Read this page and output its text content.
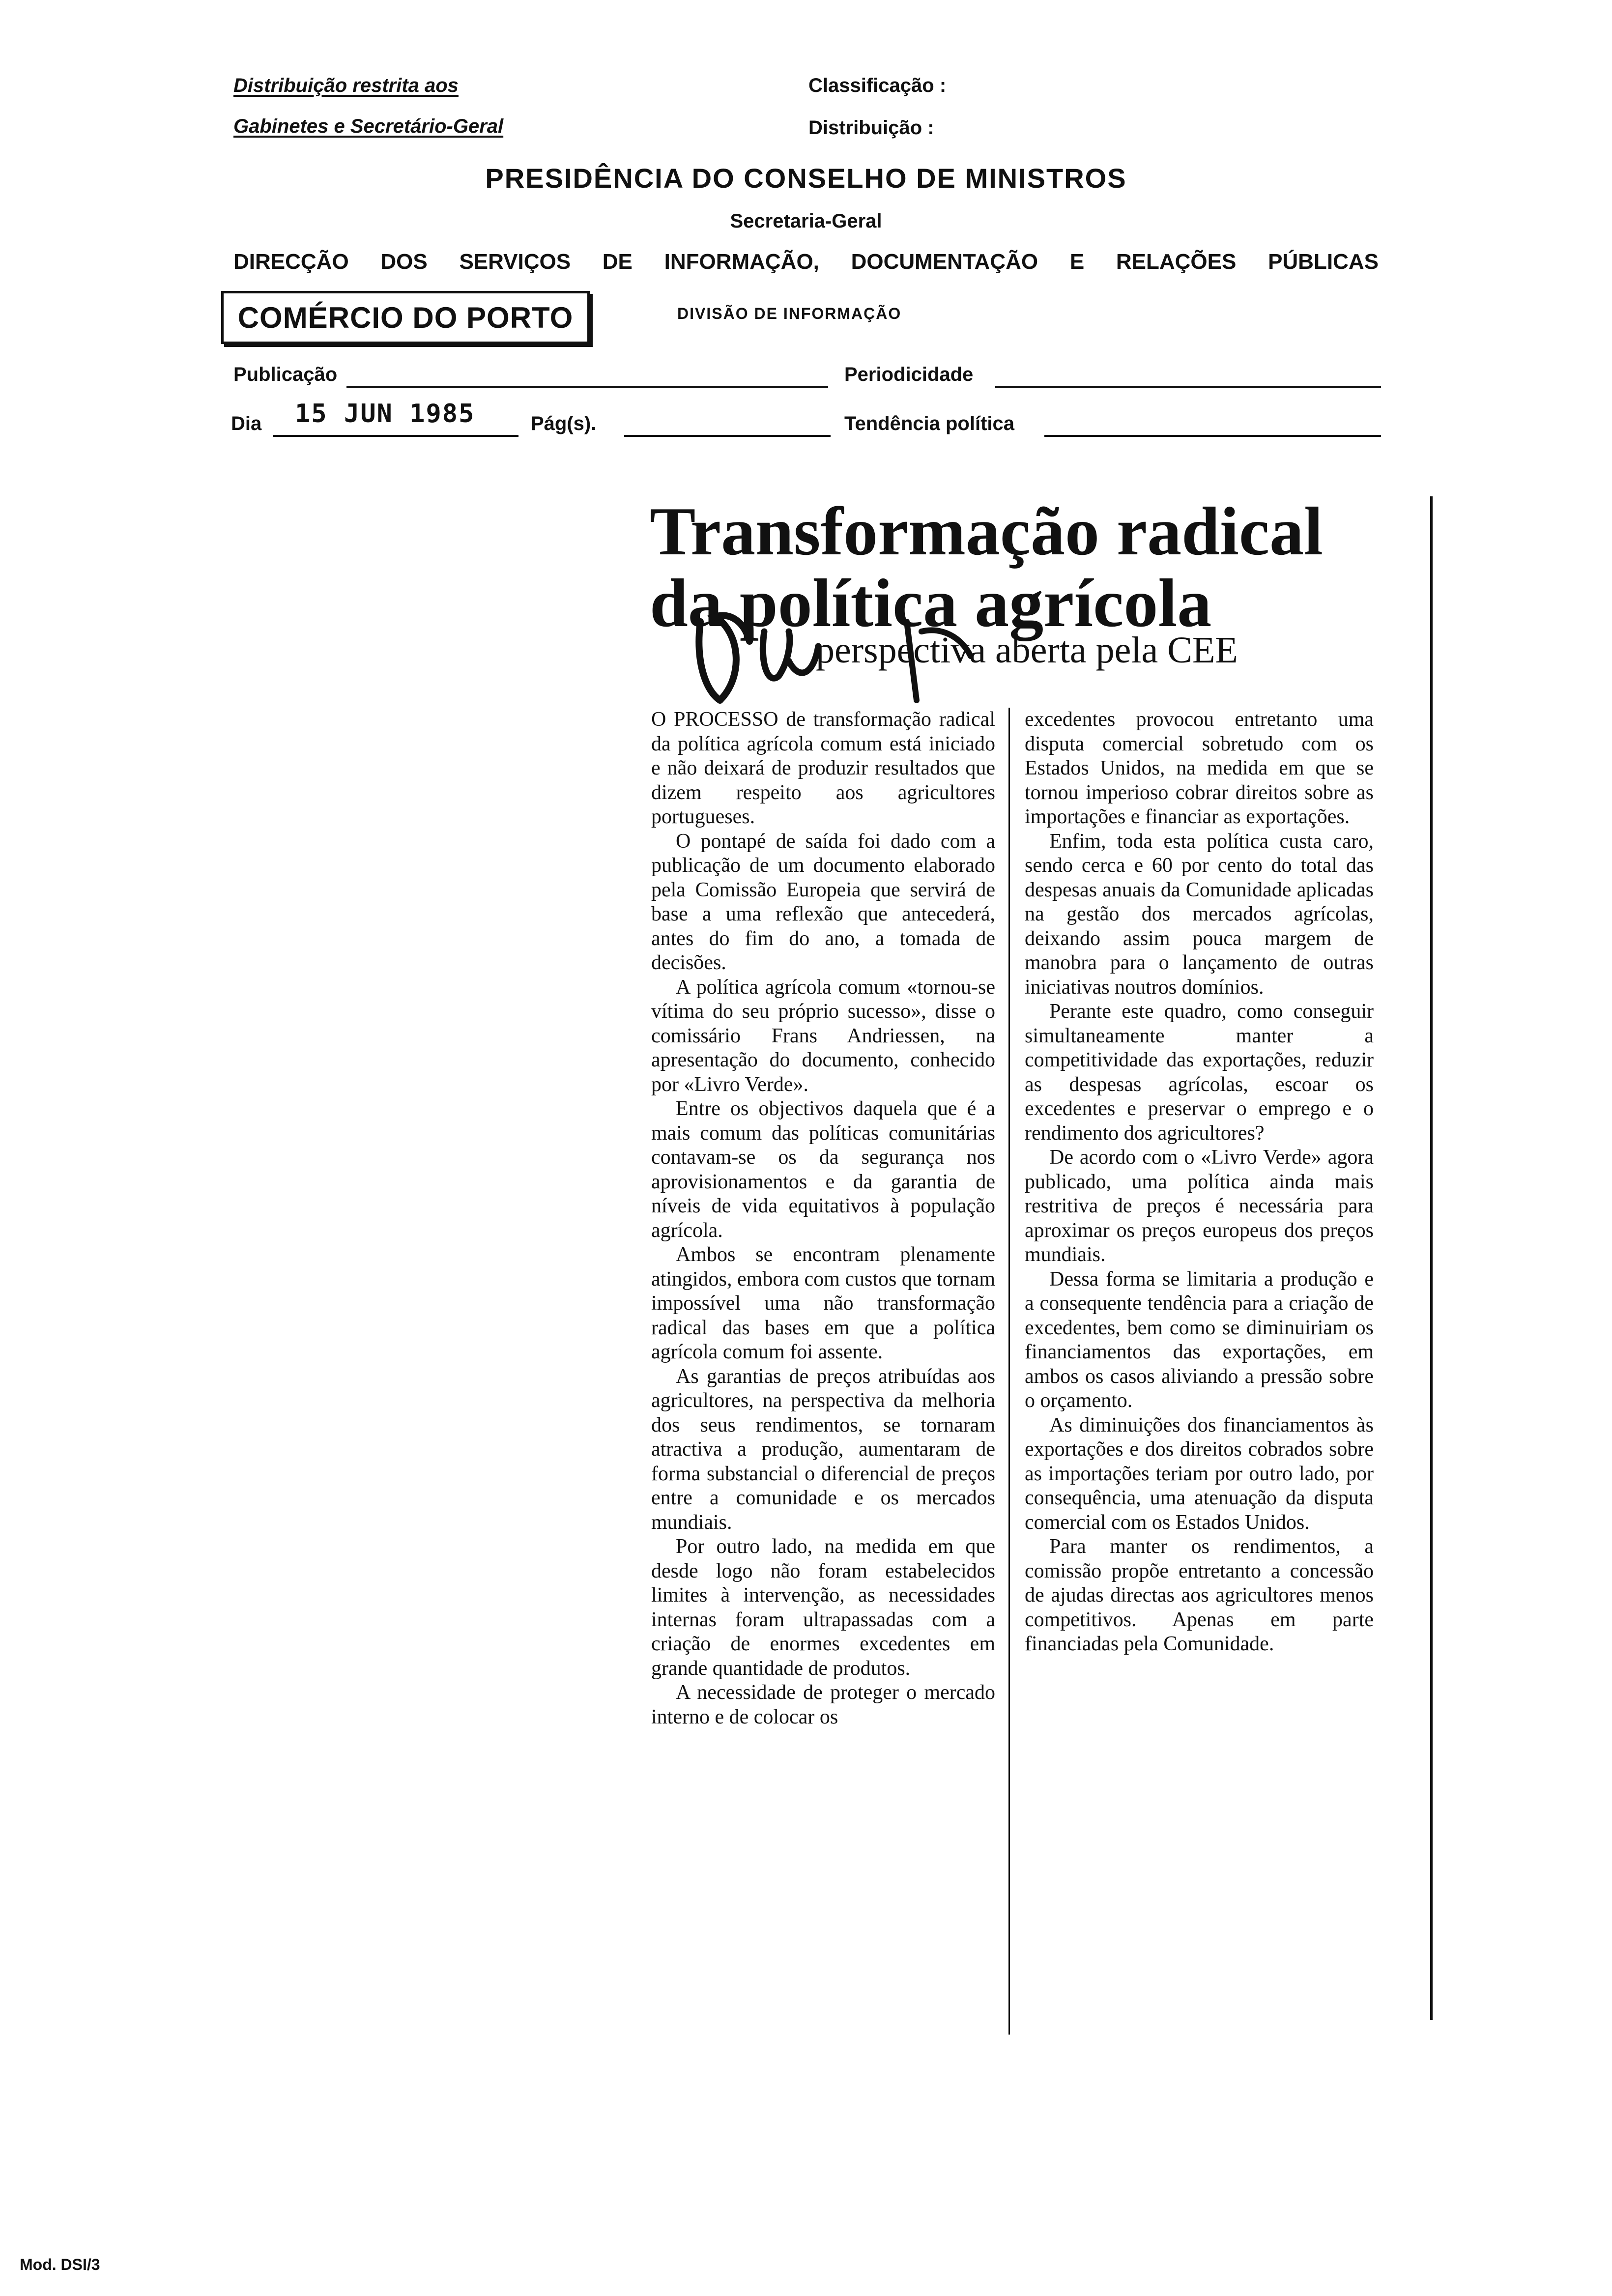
Distribuição restrita aos
Gabinetes e Secretário-Geral
Classificação :
Distribuição :
PRESIDÊNCIA DO CONSELHO DE MINISTROS
Secretaria-Geral
DIRECÇÃO DOS SERVIÇOS DE INFORMAÇÃO, DOCUMENTAÇÃO E RELAÇÕES PÚBLICAS
COMÉRCIO DO PORTO	DIVISÃO DE INFORMAÇÃO
Publicação	Periodicidade
Dia 15 JUN 1985	Pág(s).	Tendência política
Transformação radical
da política agrícola
perspectiva aberta pela CEE

O PROCESSO de transformação radical da política agrícola comum está iniciado e não deixará de produzir resultados que dizem respeito aos agricultores portugueses.

O pontapé de saída foi dado com a publicação de um documento elaborado pela Comissão Europeia que servirá de base a uma reflexão que antecederá, antes do fim do ano, a tomada de decisões.

A política agrícola comum «tornou-se vítima do seu próprio sucesso», disse o comissário Frans Andriessen, na apresentação do documento, conhecido por «Livro Verde».

Entre os objectivos daquela que é a mais comum das políticas comunitárias contavam-se os da segurança nos aprovisionamentos e da garantia de níveis de vida equitativos à população agrícola.

Ambos se encontram plenamente atingidos, embora com custos que tornam impossível uma não transformação radical das bases em que a política agrícola comum foi assente.

As garantias de preços atribuídas aos agricultores, na perspectiva da melhoria dos seus rendimentos, se tornaram atractiva a produção, aumentaram de forma substancial o diferencial de preços entre a comunidade e os mercados mundiais.

Por outro lado, na medida em que desde logo não foram estabelecidos limites à intervenção, as necessidades internas foram ultrapassadas com a criação de enormes excedentes em grande quantidade de produtos.

A necessidade de proteger o mercado interno e de colocar os

excedentes provocou entretanto uma disputa comercial sobretudo com os Estados Unidos, na medida em que se tornou imperioso cobrar direitos sobre as importações e financiar as exportações.

Enfim, toda esta política custa caro, sendo cerca e 60 por cento do total das despesas anuais da Comunidade aplicadas na gestão dos mercados agrícolas, deixando assim pouca margem de manobra para o lançamento de outras iniciativas noutros domínios.

Perante este quadro, como conseguir simultaneamente manter a competitividade das exportações, reduzir as despesas agrícolas, escoar os excedentes e preservar o emprego e o rendimento dos agricultores?

De acordo com o «Livro Verde» agora publicado, uma política ainda mais restritiva de preços é necessária para aproximar os preços europeus dos preços mundiais.

Dessa forma se limitaria a produção e a consequente tendência para a criação de excedentes, bem como se diminuiriam os financiamentos das exportações, em ambos os casos aliviando a pressão sobre o orçamento.

As diminuições dos financiamentos às exportações e dos direitos cobrados sobre as importações teriam por outro lado, por consequência, uma atenuação da disputa comercial com os Estados Unidos.

Para manter os rendimentos, a comissão propõe entretanto a concessão de ajudas directas aos agricultores menos competitivos. Apenas em parte financiadas pela Comunidade.

Mod. DSI/3
